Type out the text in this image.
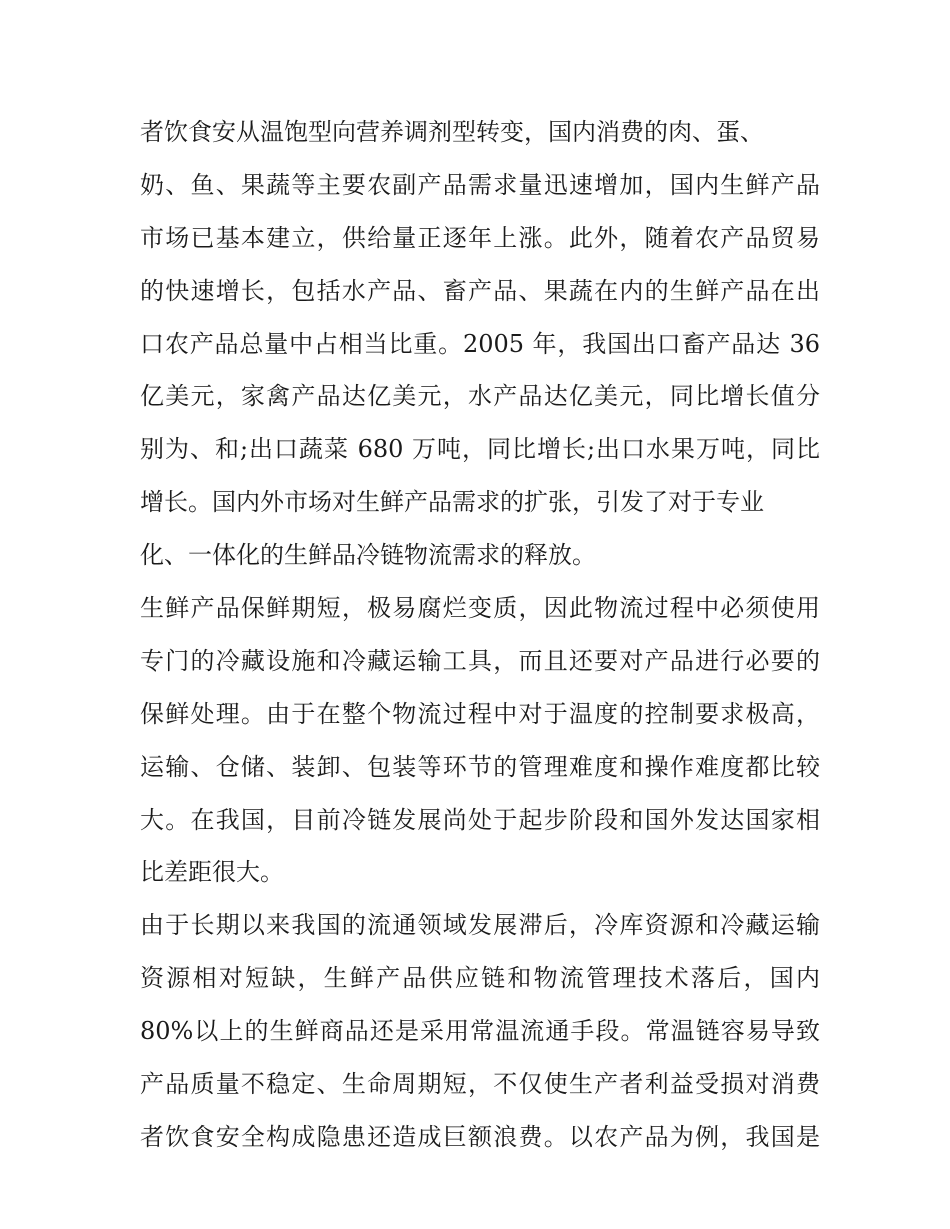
者饮食安从温饱型向营养调剂型转变，国内消费的肉、蛋、
奶、鱼、果蔬等主要农副产品需求量迅速增加，国内生鲜产品
市场已基本建立，供给量正逐年上涨。此外，随着农产品贸易
的快速增长，包括水产品、畜产品、果蔬在内的生鲜产品在出
口农产品总量中占相当比重。2005 年，我国出口畜产品达 36
亿美元，家禽产品达亿美元，水产品达亿美元，同比增长值分
别为、和;出口蔬菜 680 万吨，同比增长;出口水果万吨，同比
增长。国内外市场对生鲜产品需求的扩张，引发了对于专业
化、一体化的生鲜品冷链物流需求的释放。
生鲜产品保鲜期短，极易腐烂变质，因此物流过程中必须使用
专门的冷藏设施和冷藏运输工具，而且还要对产品进行必要的
保鲜处理。由于在整个物流过程中对于温度的控制要求极高，
运输、仓储、装卸、包装等环节的管理难度和操作难度都比较
大。在我国，目前冷链发展尚处于起步阶段和国外发达国家相
比差距很大。
由于长期以来我国的流通领域发展滞后，冷库资源和冷藏运输
资源相对短缺，生鲜产品供应链和物流管理技术落后，国内
80%以上的生鲜商品还是采用常温流通手段。常温链容易导致
产品质量不稳定、生命周期短，不仅使生产者利益受损对消费
者饮食安全构成隐患还造成巨额浪费。以农产品为例，我国是
